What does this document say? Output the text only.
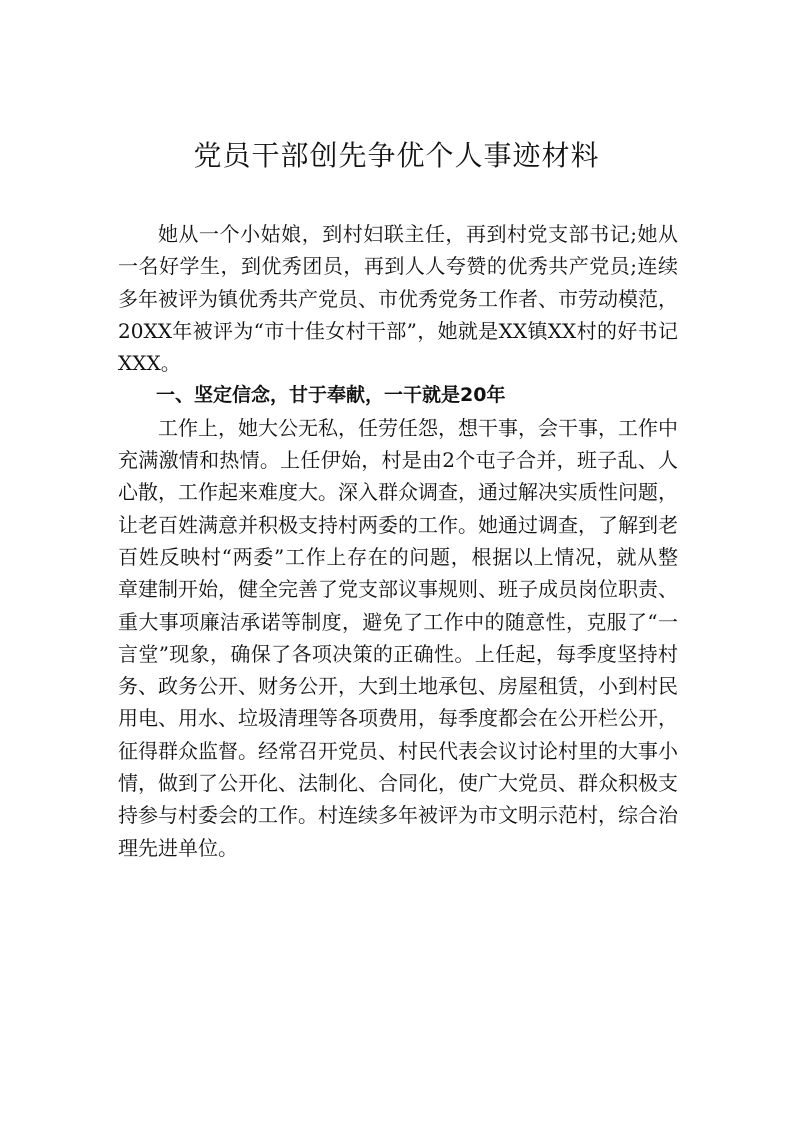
党员干部创先争优个人事迹材料

她从一个小姑娘，到村妇联主任，再到村党支部书记;她从一名好学生，到优秀团员，再到人人夸赞的优秀共产党员;连续多年被评为镇优秀共产党员、市优秀党务工作者、市劳动模范，20XX年被评为“市十佳女村干部”，她就是XX镇XX村的好书记XXX。

一、坚定信念，甘于奉献，一干就是20年

工作上，她大公无私，任劳任怨，想干事，会干事，工作中充满激情和热情。上任伊始，村是由2个屯子合并，班子乱、人心散，工作起来难度大。深入群众调查，通过解决实质性问题，让老百姓满意并积极支持村两委的工作。她通过调查，了解到老百姓反映村“两委”工作上存在的问题，根据以上情况，就从整章建制开始，健全完善了党支部议事规则、班子成员岗位职责、重大事项廉洁承诺等制度，避免了工作中的随意性，克服了“一言堂”现象，确保了各项决策的正确性。上任起，每季度坚持村务、政务公开、财务公开，大到土地承包、房屋租赁，小到村民用电、用水、垃圾清理等各项费用，每季度都会在公开栏公开，征得群众监督。经常召开党员、村民代表会议讨论村里的大事小情，做到了公开化、法制化、合同化，使广大党员、群众积极支持参与村委会的工作。村连续多年被评为市文明示范村，综合治理先进单位。
